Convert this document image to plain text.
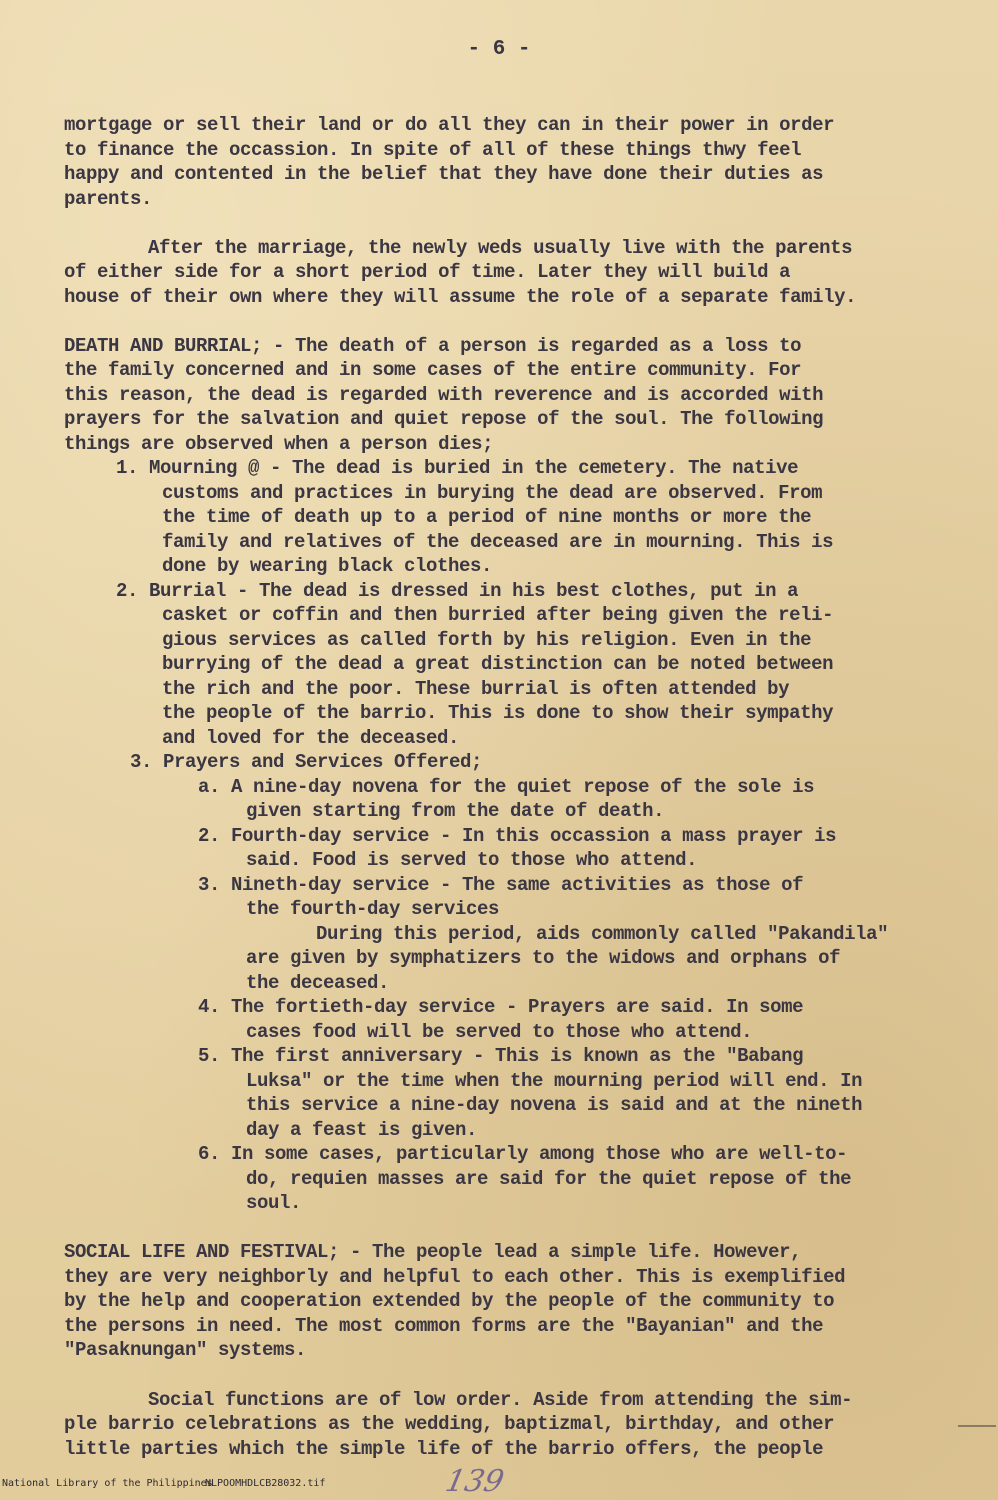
- 6 -
mortgage or sell their land or do all they can in their power in order
to finance the occassion. In spite of all of these things thwy feel
happy and contented in the belief that they have done their duties as
parents.
After the marriage, the newly weds usually live with the parents
of either side for a short period of time. Later they will build a
house of their own where they will assume the role of a separate family.
DEATH AND BURRIAL; - The death of a person is regarded as a loss to
the family concerned and in some cases of the entire community. For
this reason, the dead is regarded with reverence and is accorded with
prayers for the salvation and quiet repose of the soul. The following
things are observed when a person dies;
1. Mourning @ - The dead is buried in the cemetery. The native
customs and practices in burying the dead are observed. From
the time of death up to a period of nine months or more the
family and relatives of the deceased are in mourning. This is
done by wearing black clothes.
2. Burrial - The dead is dressed in his best clothes, put in a
casket or coffin and then burried after being given the reli-
gious services as called forth by his religion. Even in the
burrying of the dead a great distinction can be noted between
the rich and the poor. These burrial is often attended by
the people of the barrio. This is done to show their sympathy
and loved for the deceased.
3. Prayers and Services Offered;
a. A nine-day novena for the quiet repose of the sole is
given starting from the date of death.
2. Fourth-day service - In this occassion a mass prayer is
said. Food is served to those who attend.
3. Nineth-day service - The same activities as those of
the fourth-day services
During this period, aids commonly called "Pakandila"
are given by symphatizers to the widows and orphans of
the deceased.
4. The fortieth-day service - Prayers are said. In some
cases food will be served to those who attend.
5. The first anniversary - This is known as the "Babang
Luksa" or the time when the mourning period will end. In
this service a nine-day novena is said and at the nineth
day a feast is given.
6. In some cases, particularly among those who are well-to-
do, requien masses are said for the quiet repose of the
soul.
SOCIAL LIFE AND FESTIVAL; - The people lead a simple life. However,
they are very neighborly and helpful to each other. This is exemplified
by the help and cooperation extended by the people of the community to
the persons in need. The most common forms are the "Bayanian" and the
"Pasaknungan" systems.
Social functions are of low order. Aside from attending the sim-
ple barrio celebrations as the wedding, baptizmal, birthday, and other
little parties which the simple life of the barrio offers, the people
National Library of the Philippines
NLPOOMHDLCB28032.tif	139
